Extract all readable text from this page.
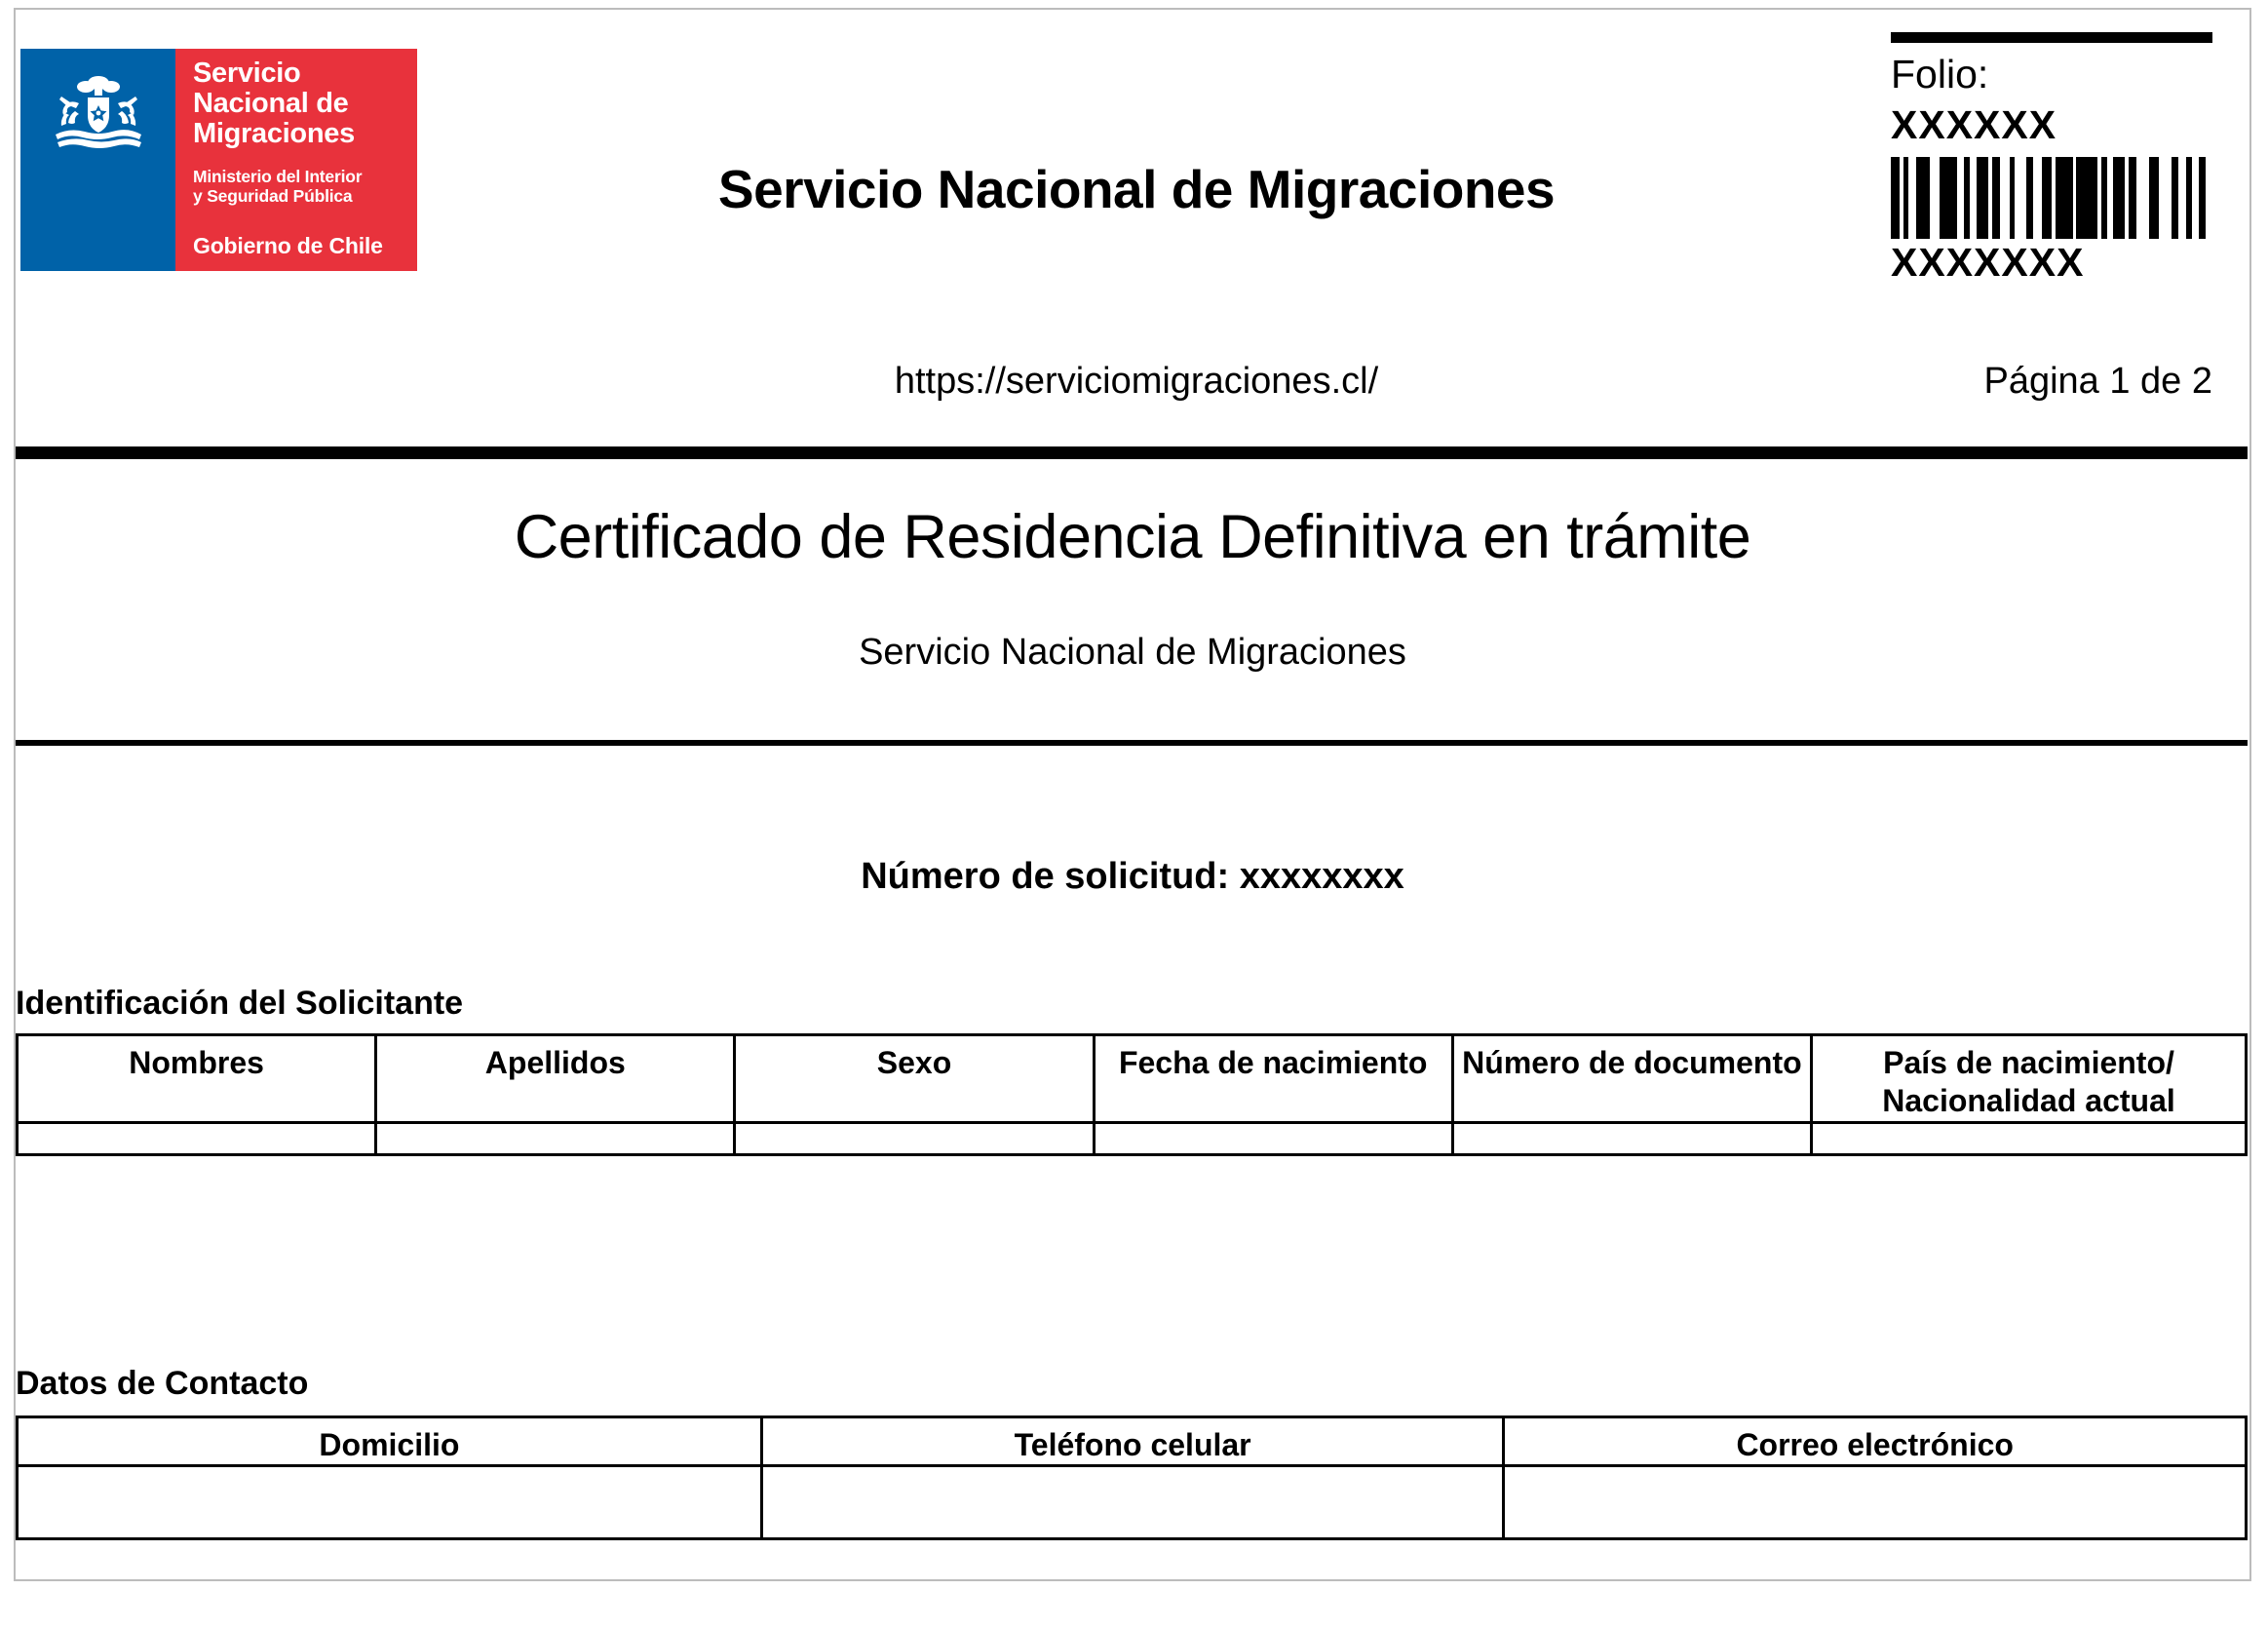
Servicio
Nacional de
Migraciones
Ministerio del Interior
y Seguridad Pública
Gobierno de Chile
Servicio Nacional de Migraciones
https://serviciomigraciones.cl/
Folio:
XXXXXX
XXXXXXX
Página 1 de 2
Certificado de Residencia Definitiva en trámite
Servicio Nacional de Migraciones
Número de solicitud: xxxxxxxx
Identificación del Solicitante
Nombres	Apellidos	Sexo	Fecha de nacimiento	Número de documento	País de nacimiento/ Nacionalidad actual

Datos de Contacto
Domicilio	Teléfono celular	Correo electrónico
